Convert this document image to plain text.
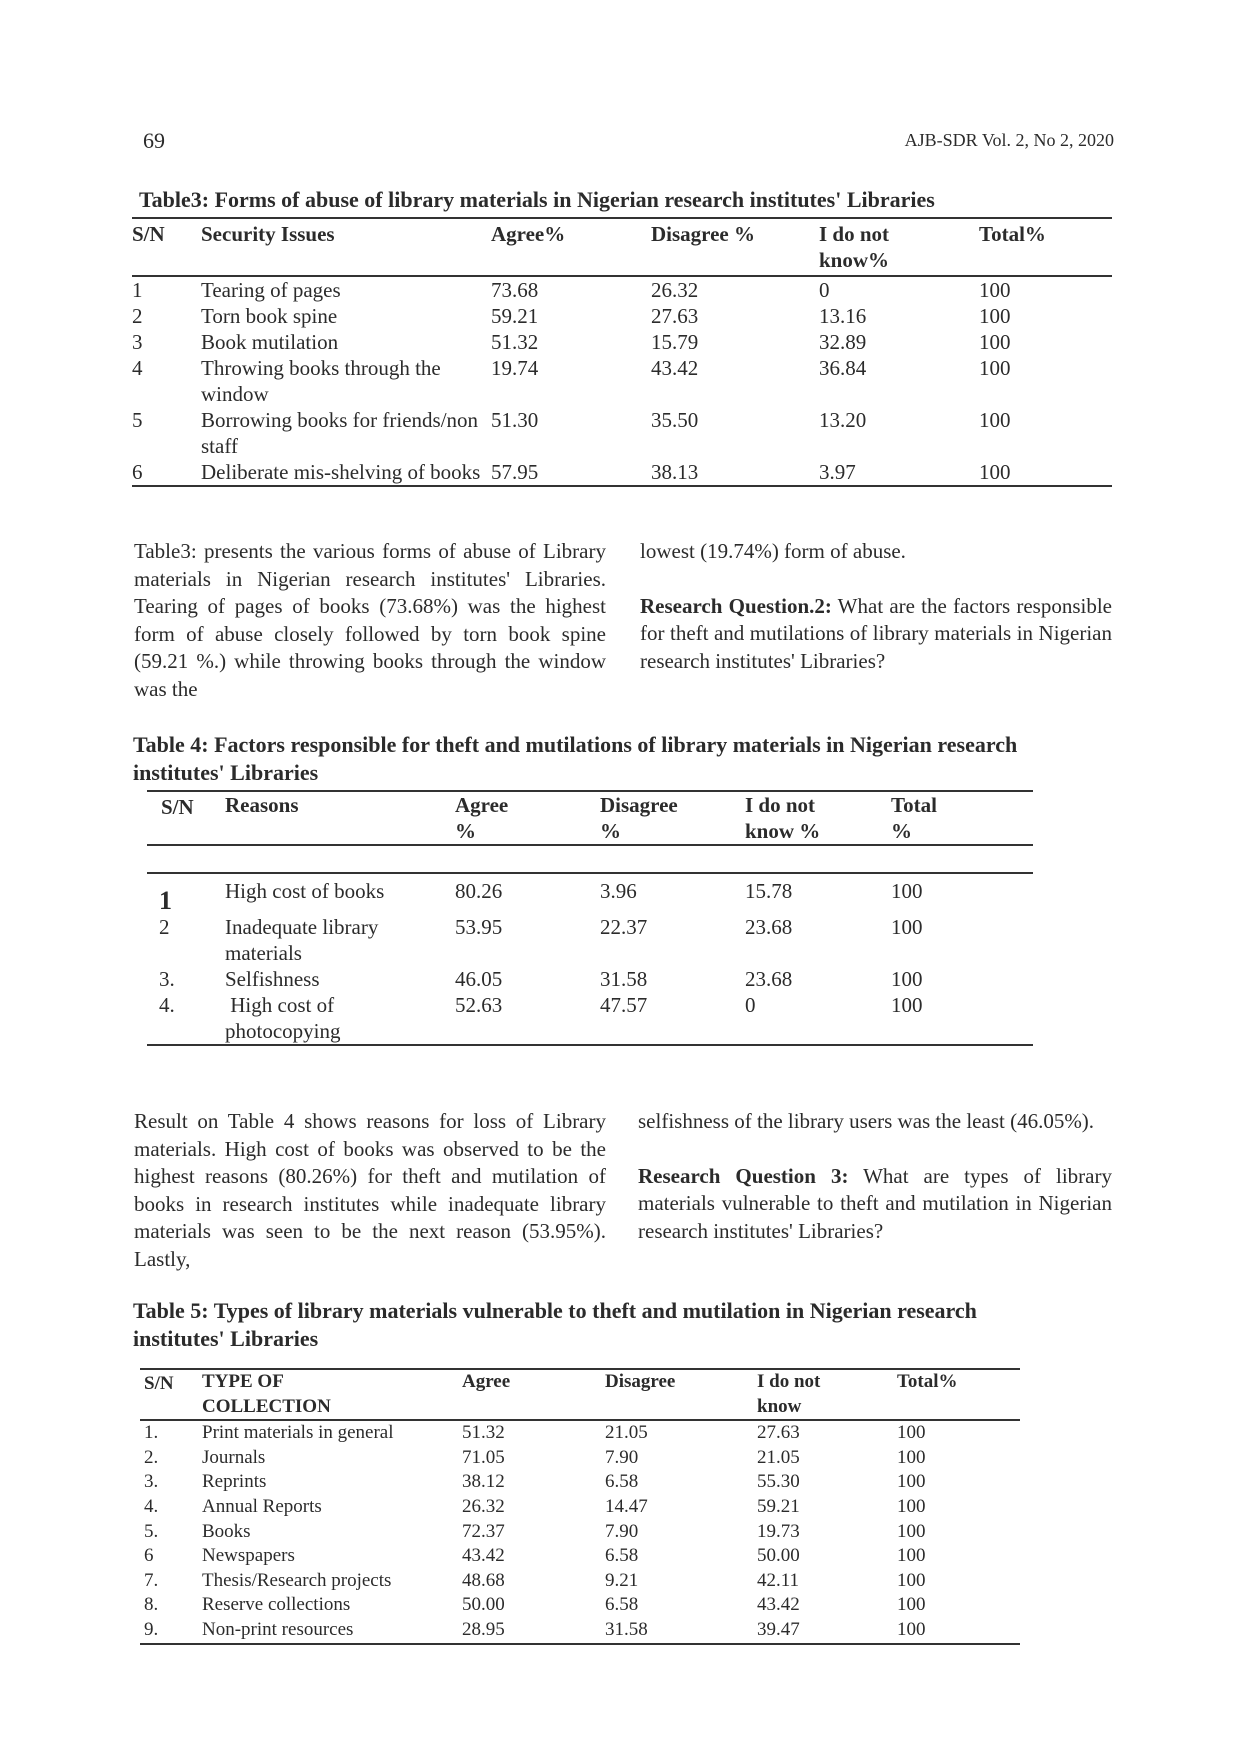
69	AJB-SDR Vol. 2, No 2, 2020
Table3: Forms of abuse of library materials in Nigerian research institutes' Libraries
S/N	Security Issues	Agree%	Disagree %	I do not know%	Total%
1	Tearing of pages	73.68	26.32	0	100
2	Torn book spine	59.21	27.63	13.16	100
3	Book mutilation	51.32	15.79	32.89	100
4	Throwing books through the window	19.74	43.42	36.84	100
5	Borrowing books for friends/non staff	51.30	35.50	13.20	100
6	Deliberate mis-shelving of books	57.95	38.13	3.97	100
Table3: presents the various forms of abuse of Library materials in Nigerian research institutes' Libraries. Tearing of pages of books (73.68%) was the highest form of abuse closely followed by torn book spine (59.21 %.) while throwing books through the window was the
lowest (19.74%) form of abuse.
Research Question.2: What are the factors responsible for theft and mutilations of library materials in Nigerian research institutes' Libraries?
Table 4: Factors responsible for theft and mutilations of library materials in Nigerian research institutes' Libraries
S/N	Reasons	Agree %	Disagree %	I do not know %	Total %

1	High cost of books	80.26	3.96	15.78	100
2	Inadequate library materials	53.95	22.37	23.68	100
3.	Selfishness	46.05	31.58	23.68	100
4.	High cost of photocopying	52.63	47.57	0	100
Result on Table 4 shows reasons for loss of Library materials. High cost of books was observed to be the highest reasons (80.26%) for theft and mutilation of books in research institutes while inadequate library materials was seen to be the next reason (53.95%). Lastly,
selfishness of the library users was the least (46.05%).
Research Question 3: What are types of library materials vulnerable to theft and mutilation in Nigerian research institutes' Libraries?
Table 5: Types of library materials vulnerable to theft and mutilation in Nigerian research institutes' Libraries
S/N	TYPE OF COLLECTION	Agree	Disagree	I do not know	Total%
1.	Print materials in general	51.32	21.05	27.63	100
2.	Journals	71.05	7.90	21.05	100
3.	Reprints	38.12	6.58	55.30	100
4.	Annual Reports	26.32	14.47	59.21	100
5.	Books	72.37	7.90	19.73	100
6	Newspapers	43.42	6.58	50.00	100
7.	Thesis/Research projects	48.68	9.21	42.11	100
8.	Reserve collections	50.00	6.58	43.42	100
9.	Non-print resources	28.95	31.58	39.47	100
